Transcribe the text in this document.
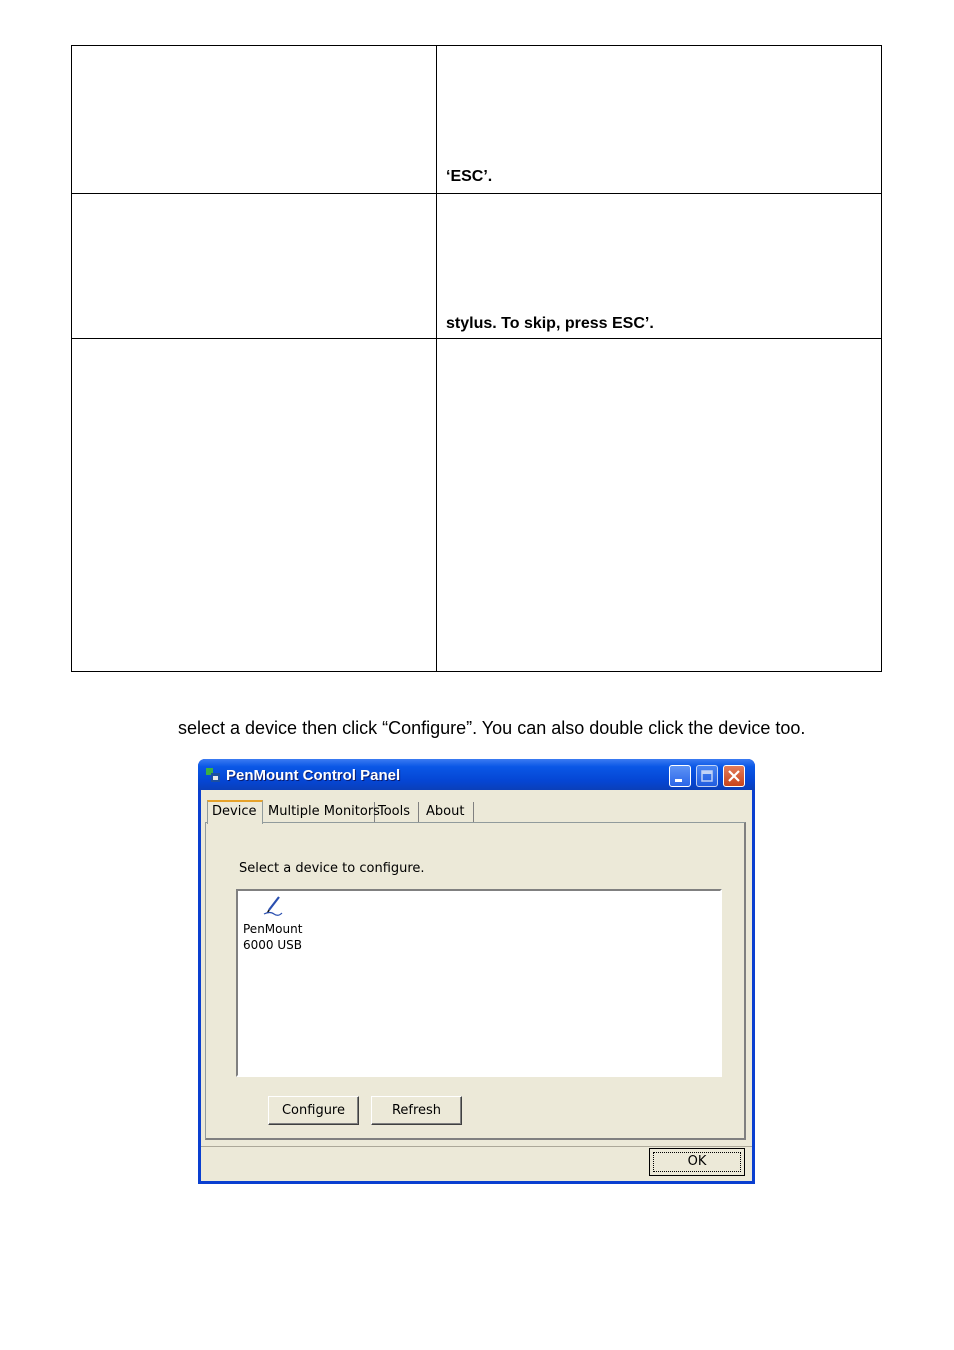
‘ESC’.
stylus. To skip, press ESC’.
select a device then click “Configure”. You can also double click the device too.
PenMount Control Panel
Device Multiple Monitors
Tools	About
Select a device to configure.
PenMount
6000 USB
Configure	Refresh
OK
